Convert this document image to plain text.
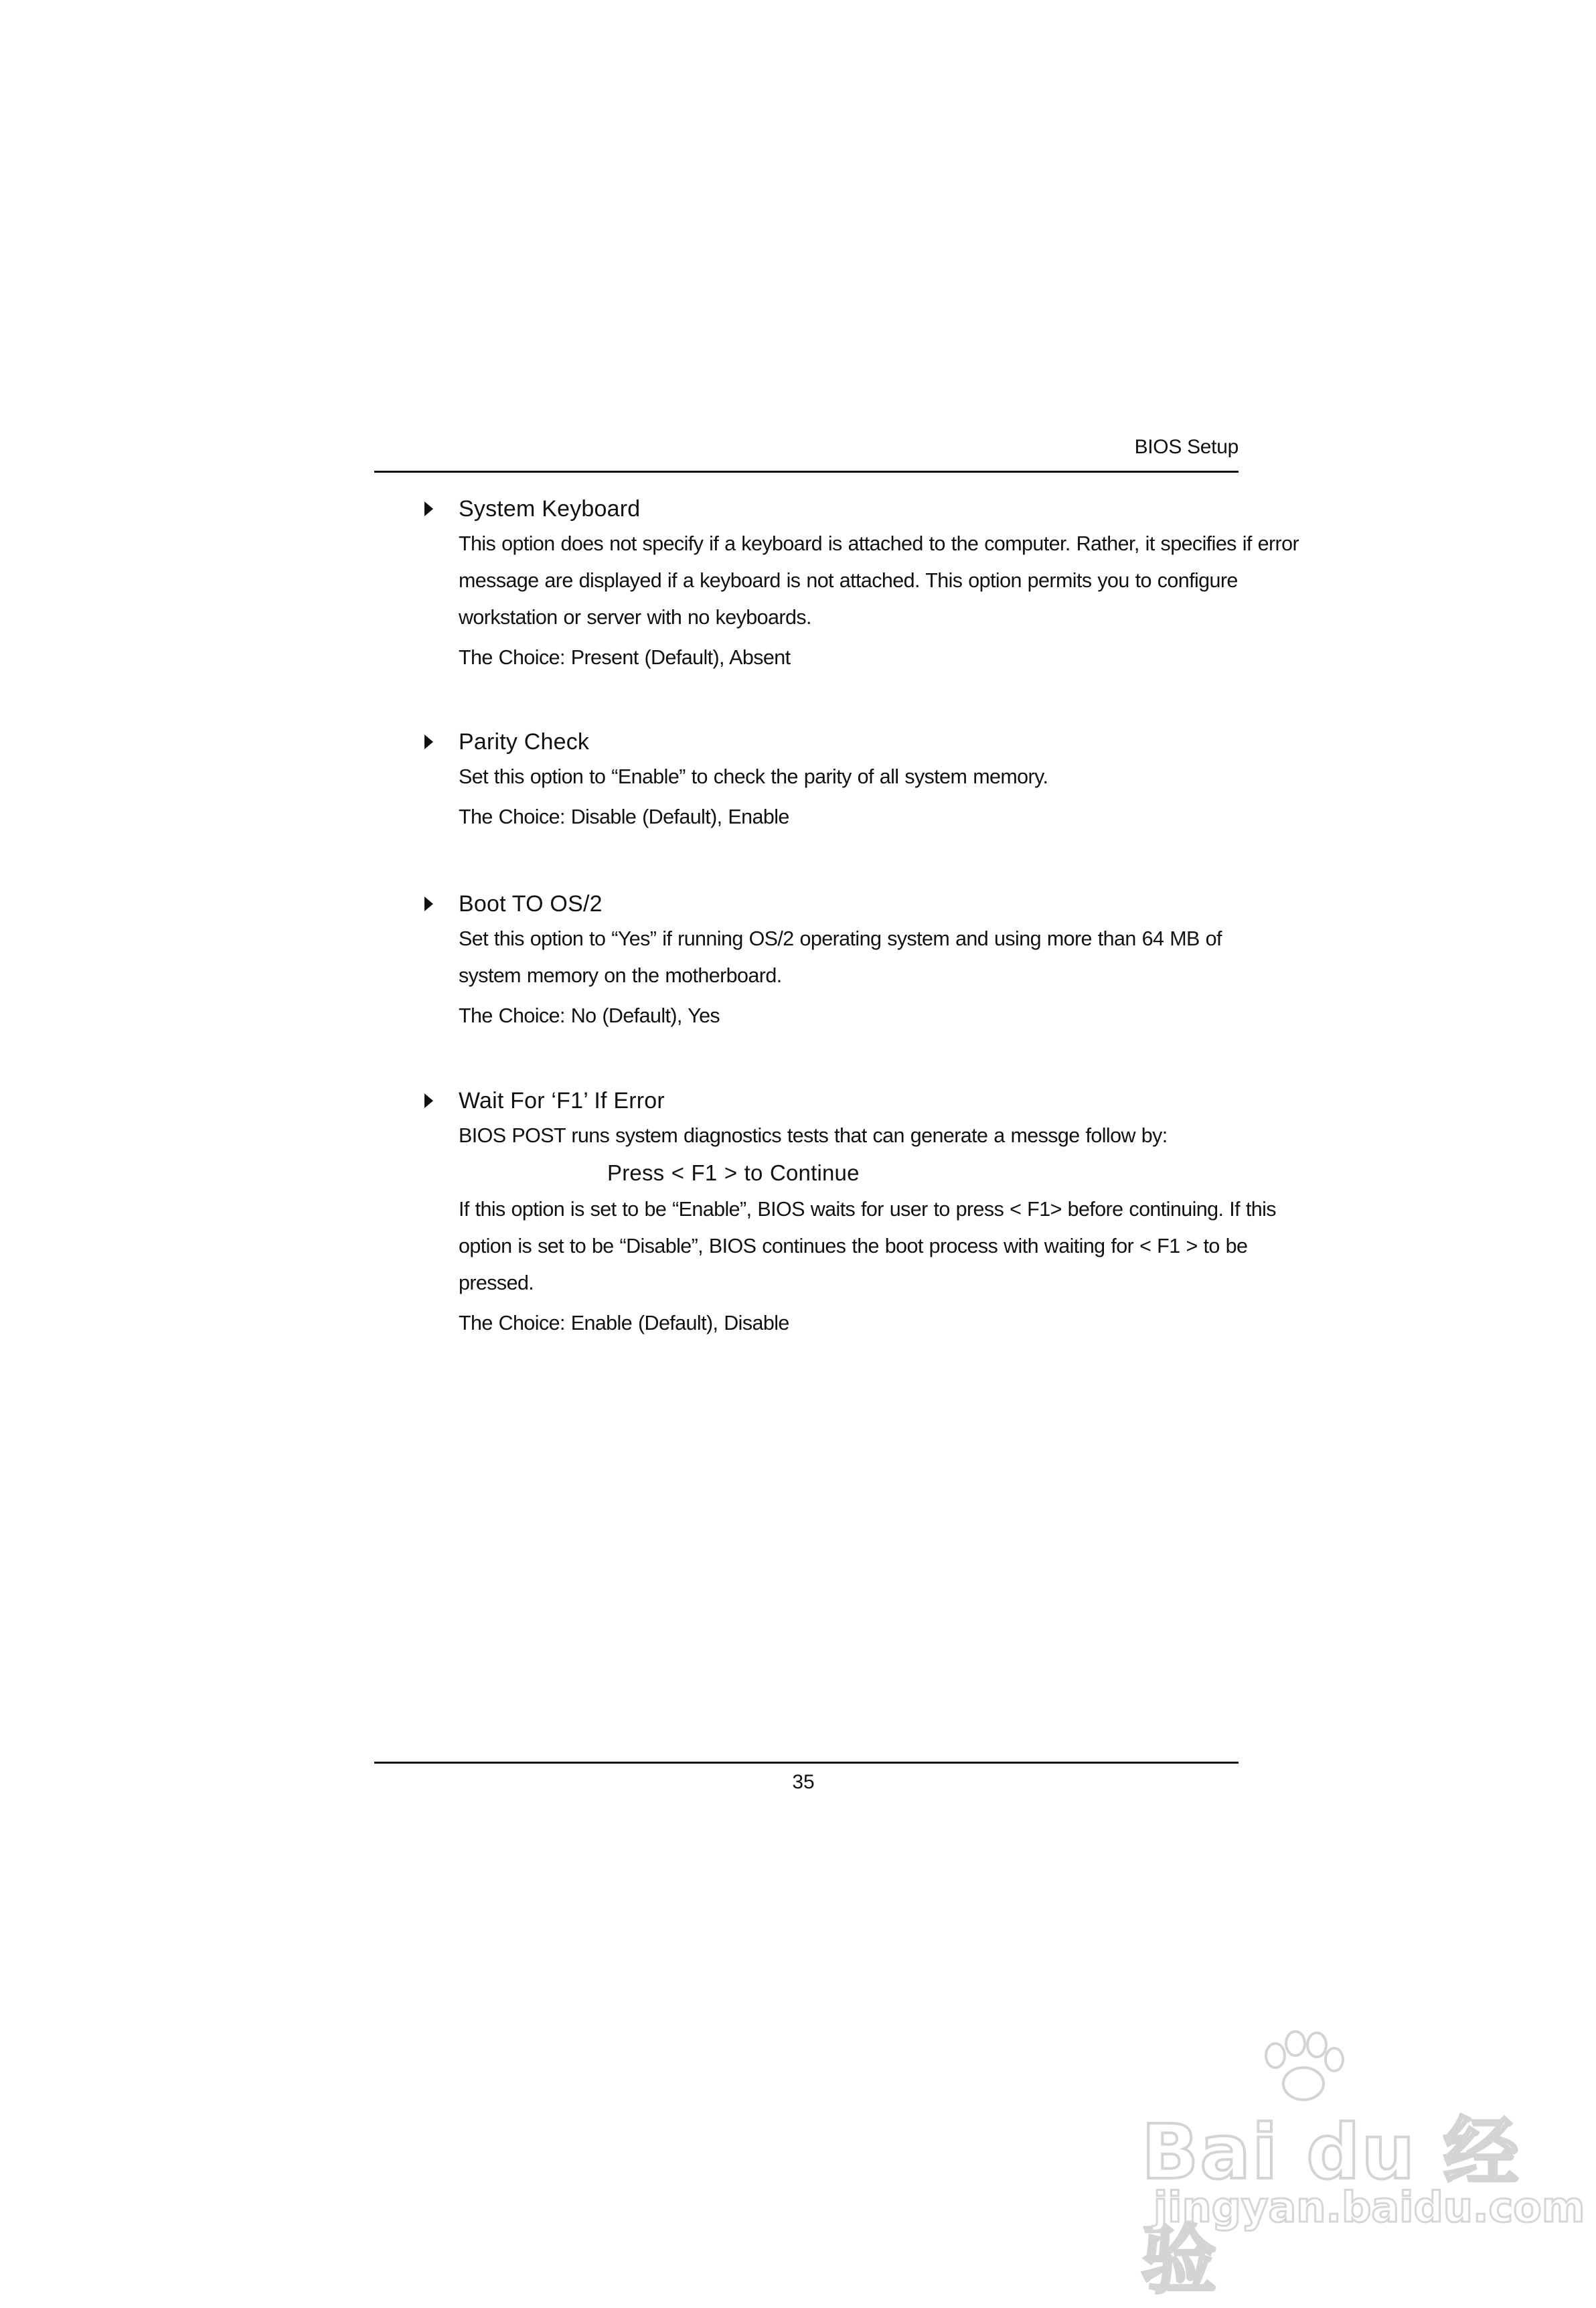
BIOS Setup
System Keyboard
This option does not specify if a keyboard is attached to the computer. Rather, it specifies if error
message are displayed if a keyboard is not attached. This option permits you to configure
workstation or server with no keyboards.
The Choice: Present (Default), Absent
Parity Check
Set this option to “Enable” to check the parity of all system memory.
The Choice: Disable (Default), Enable
Boot TO OS/2
Set this option to “Yes” if running OS/2 operating system and using more than 64 MB of
system memory on the motherboard.
The Choice: No (Default), Yes
Wait For ‘F1’ If Error
BIOS POST runs system diagnostics tests that can generate a messge follow by:
Press < F1 > to Continue
If this option is set to be “Enable”, BIOS waits for user to press < F1> before continuing. If this
option is set to be “Disable”, BIOS continues the boot process with waiting for < F1 > to be
pressed.
The Choice: Enable (Default), Disable
35
Bai du 经验
jingyan.baidu.com
